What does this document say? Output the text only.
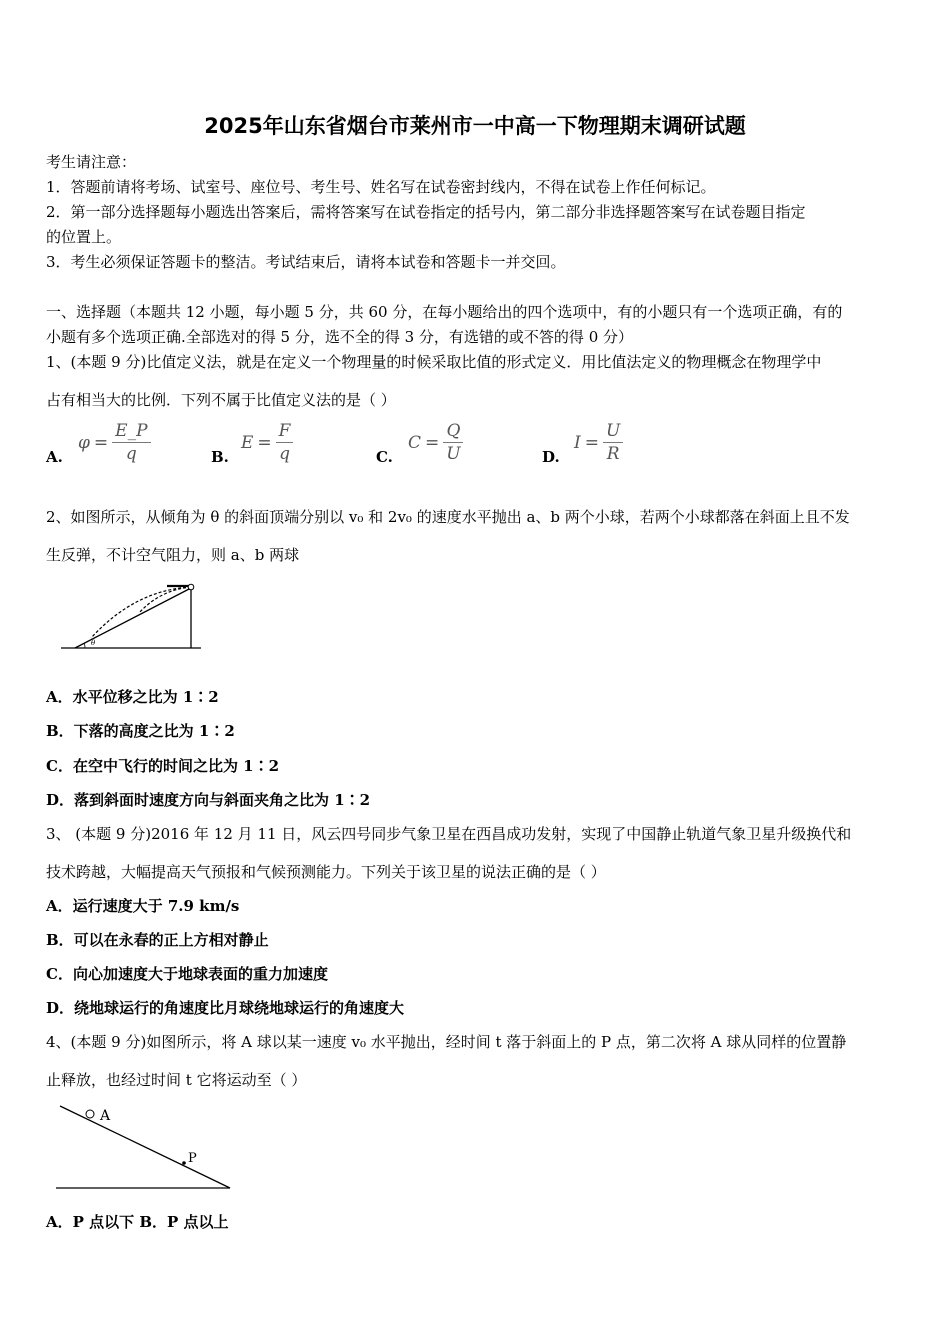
2025年山东省烟台市莱州市一中高一下物理期末调研试题
考生请注意：
1．答题前请将考场、试室号、座位号、考生号、姓名写在试卷密封线内，不得在试卷上作任何标记。
2．第一部分选择题每小题选出答案后，需将答案写在试卷指定的括号内，第二部分非选择题答案写在试卷题目指定
的位置上。
3．考生必须保证答题卡的整洁。考试结束后，请将本试卷和答题卡一并交回。
一、选择题（本题共 12 小题，每小题 5 分，共 60 分，在每小题给出的四个选项中，有的小题只有一个选项正确，有的
小题有多个选项正确.全部选对的得 5 分，选不全的得 3 分，有选错的或不答的得 0 分）
1、(本题 9 分)比值定义法，就是在定义一个物理量的时候采取比值的形式定义．用比值法定义的物理概念在物理学中
占有相当大的比例．下列不属于比值定义法的是（ ）
A.
$\varphi = \frac{E\_P}{q}$	B.
$E = \frac{F}{q}$	C.
$C = \frac{Q}{U}$	D.
$I = \frac{U}{R}$
2、如图所示，从倾角为 θ 的斜面顶端分别以 v₀ 和 2v₀ 的速度水平抛出 a、b 两个小球，若两个小球都落在斜面上且不发
生反弹，不计空气阻力，则 a、b 两球
θ
A．水平位移之比为 1∶2
B．下落的高度之比为 1∶2
C．在空中飞行的时间之比为 1∶2
D．落到斜面时速度方向与斜面夹角之比为 1∶2
3、 (本题 9 分)2016 年 12 月 11 日，风云四号同步气象卫星在西昌成功发射，实现了中国静止轨道气象卫星升级换代和
技术跨越，大幅提高天气预报和气候预测能力。下列关于该卫星的说法正确的是（ ）
A．运行速度大于 7.9 km/s
B．可以在永春的正上方相对静止
C．向心加速度大于地球表面的重力加速度
D．绕地球运行的角速度比月球绕地球运行的角速度大
4、(本题 9 分)如图所示，将 A 球以某一速度 v₀ 水平抛出，经时间 t 落于斜面上的 P 点，第二次将 A 球从同样的位置静
止释放，也经过时间 t 它将运动至（ ）
A
P
A．P 点以下 B．P 点以上
